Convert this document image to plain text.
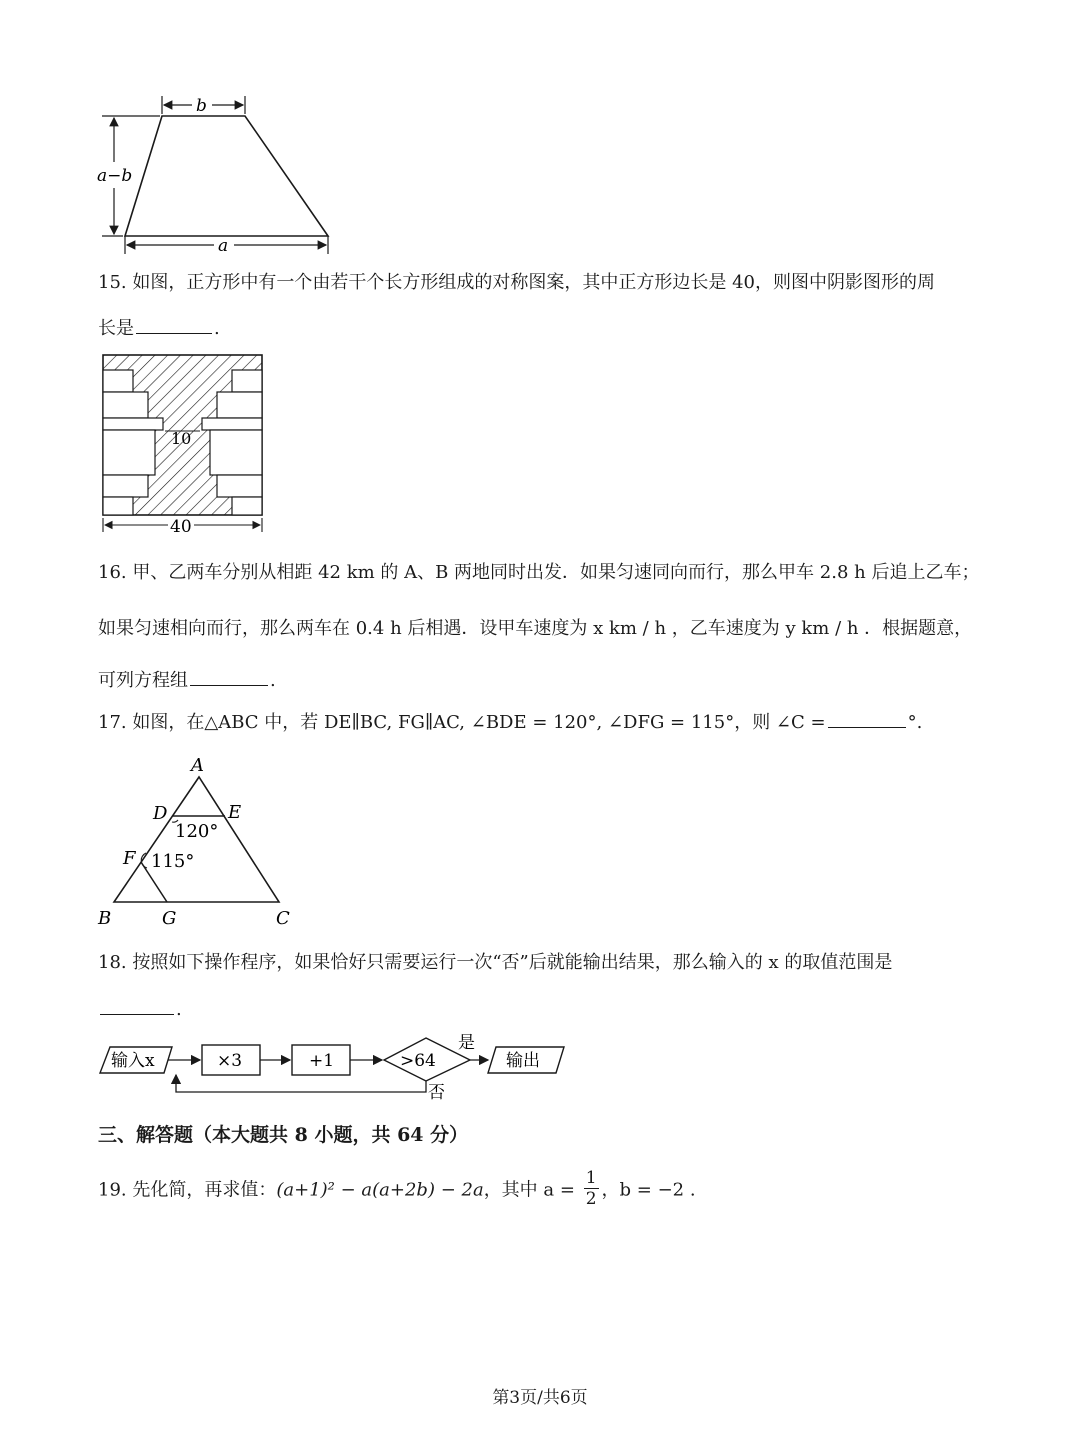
b
a−b
a
15. 如图，正方形中有一个由若干个长方形组成的对称图案，其中正方形边长是 40，则图中阴影图形的周
长是	.
10
40
16. 甲、乙两车分别从相距 42 km 的 A、B 两地同时出发．如果匀速同向而行，那么甲车 2.8 h 后追上乙车；
如果匀速相向而行，那么两车在 0.4 h 后相遇．设甲车速度为 x km / h ，乙车速度为 y km / h ．根据题意，
可列方程组	.
17. 如图，在△ABC 中，若 DE∥BC, FG∥AC, ∠BDE = 120°, ∠DFG = 115°，则 ∠C =	°.
A
B	C
D	E
F
G
120°
115°
18. 按照如下操作程序，如果恰好只需要运行一次“否”后就能输出结果，那么输入的 x 的取值范围是
.
输入x	×3	+1	>64
是
输出
否
三、解答题（本大题共 8 小题，共 64 分）
19. 先化简，再求值：(a+1)² − a(a+2b) − 2a，其中 $a = \frac{1}{2}$ ，b = −2 .
第3页/共6页
